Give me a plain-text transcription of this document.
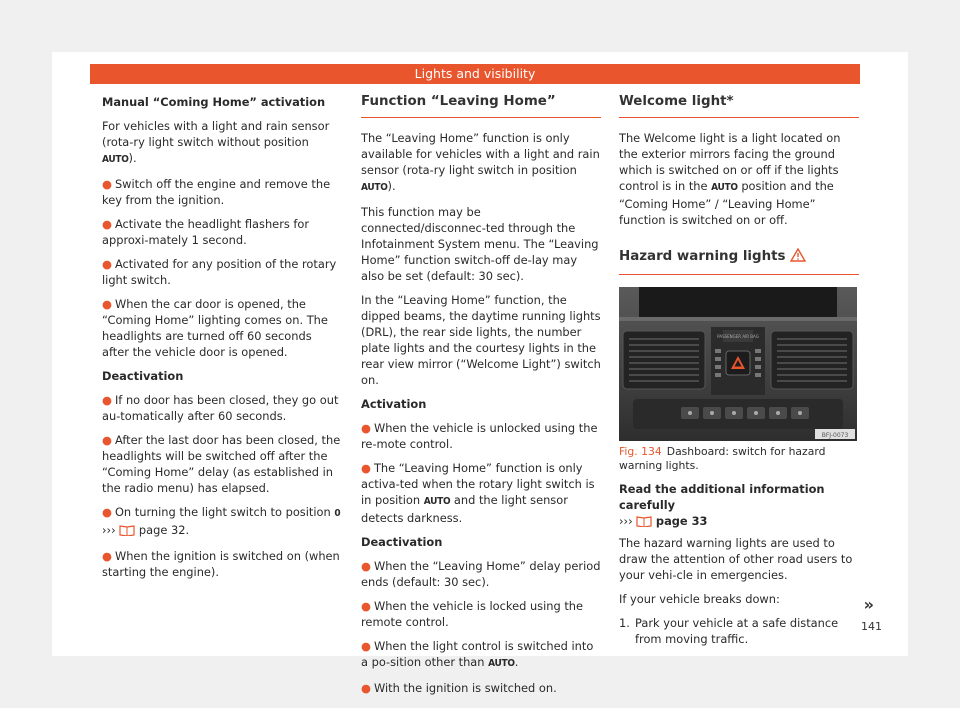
Lights and visibility

Manual “Coming Home” activation

For vehicles with a light and rain sensor (rota-ry light switch without position AUTO).

● Switch off the engine and remove the key from the ignition.

● Activate the headlight flashers for approxi-mately 1 second.

● Activated for any position of the rotary light switch.

● When the car door is opened, the “Coming Home” lighting comes on. The headlights are turned off 60 seconds after the vehicle door is opened.

Deactivation

● If no door has been closed, they go out au-tomatically after 60 seconds.

● After the last door has been closed, the headlights will be switched off after the “Coming Home” delay (as established in the radio menu) has elapsed.

● On turning the light switch to position 0
››› page 32.

● When the ignition is switched on (when starting the engine).

Function “Leaving Home”

The “Leaving Home” function is only available for vehicles with a light and rain sensor (rota-ry light switch in position AUTO).

This function may be connected/disconnec-ted through the Infotainment System menu. The “Leaving Home” function switch-off de-lay may also be set (default: 30 sec).

In the “Leaving Home” function, the dipped beams, the daytime running lights (DRL), the rear side lights, the number plate lights and the courtesy lights in the rear view mirror (“Welcome Light”) switch on.

Activation

● When the vehicle is unlocked using the re-mote control.

● The “Leaving Home” function is only activa-ted when the rotary light switch is in position AUTO and the light sensor detects darkness.

Deactivation

● When the “Leaving Home” delay period ends (default: 30 sec).

● When the vehicle is locked using the remote control.

● When the light control is switched into a po-sition other than AUTO.

● With the ignition is switched on.

Welcome light*

The Welcome light is a light located on the exterior mirrors facing the ground which is switched on or off if the lights control is in the AUTO position and the “Coming Home” / “Leaving Home” function is switched on or off.

Hazard warning lights
PASSENGER AIR BAG
BFJ-0073

Fig. 134 Dashboard: switch for hazard warning lights.

Read the additional information carefully
››› page 33

The hazard warning lights are used to draw the attention of other road users to your vehi-cle in emergencies.

If your vehicle breaks down:

1. Park your vehicle at a safe distance from moving traffic.
»
141
